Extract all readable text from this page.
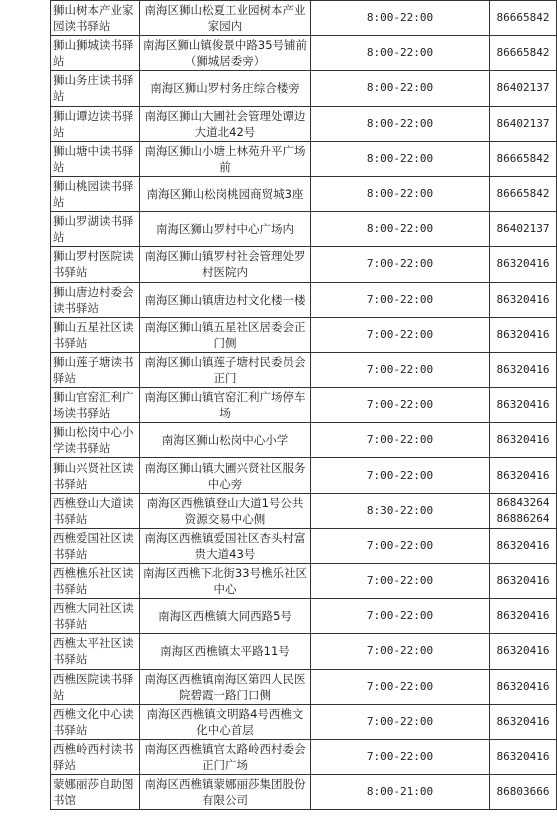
狮山树本产业家园读书驿站	南海区狮山松夏工业园树本产业家园内	8:00-22:00	86665842

狮山狮城读书驿站	南海区狮山镇俊景中路35号铺前（狮城居委旁）	8:00-22:00	86665842

狮山务庄读书驿站	南海区狮山罗村务庄综合楼旁	8:00-22:00	86402137

狮山谭边读书驿站	南海区狮山大圃社会管理处谭边大道北42号	8:00-22:00	86402137

狮山塘中读书驿站	南海区狮山小塘上林苑升平广场前	8:00-22:00	86665842

狮山桃园读书驿站	南海区狮山松岗桃园商贸城3座	8:00-22:00	86665842

狮山罗湖读书驿站	南海区狮山罗村中心广场内	8:00-22:00	86402137

狮山罗村医院读书驿站	南海区狮山镇罗村社会管理处罗村医院内	7:00-22:00	86320416

狮山唐边村委会读书驿站	南海区狮山镇唐边村文化楼一楼	7:00-22:00	86320416

狮山五星社区读书驿站	南海区狮山镇五星社区居委会正门侧	7:00-22:00	86320416

狮山莲子塘读书驿站	南海区狮山镇莲子塘村民委员会正门	7:00-22:00	86320416

狮山官窑汇利广场读书驿站	南海区狮山镇官窑汇利广场停车场	7:00-22:00	86320416

狮山松岗中心小学读书驿站	南海区狮山松岗中心小学	7:00-22:00	86320416

狮山兴贤社区读书驿站	南海区狮山镇大圃兴贤社区服务中心旁	7:00-22:00	86320416

西樵登山大道读书驿站	南海区西樵镇登山大道1号公共资源交易中心侧	8:30-22:00	86843264
86886264

西樵爱国社区读书驿站	南海区西樵镇爱国社区杏头村富贵大道43号	7:00-22:00	86320416

西樵樵乐社区读书驿站	南海区西樵下北街33号樵乐社区中心	7:00-22:00	86320416

西樵大同社区读书驿站	南海区西樵镇大同西路5号	7:00-22:00	86320416

西樵太平社区读书驿站	南海区西樵镇太平路11号	7:00-22:00	86320416

西樵医院读书驿站	南海区西樵镇南海区第四人民医院碧霞一路门口侧	7:00-22:00	86320416

西樵文化中心读书驿站	南海区西樵镇文明路4号西樵文化中心首层	7:00-22:00	86320416

西樵岭西村读书驿站	南海区西樵镇官太路岭西村委会正门广场	7:00-22:00	86320416

蒙娜丽莎自助图书馆	南海区西樵镇蒙娜丽莎集团股份有限公司	8:00-21:00	86803666
